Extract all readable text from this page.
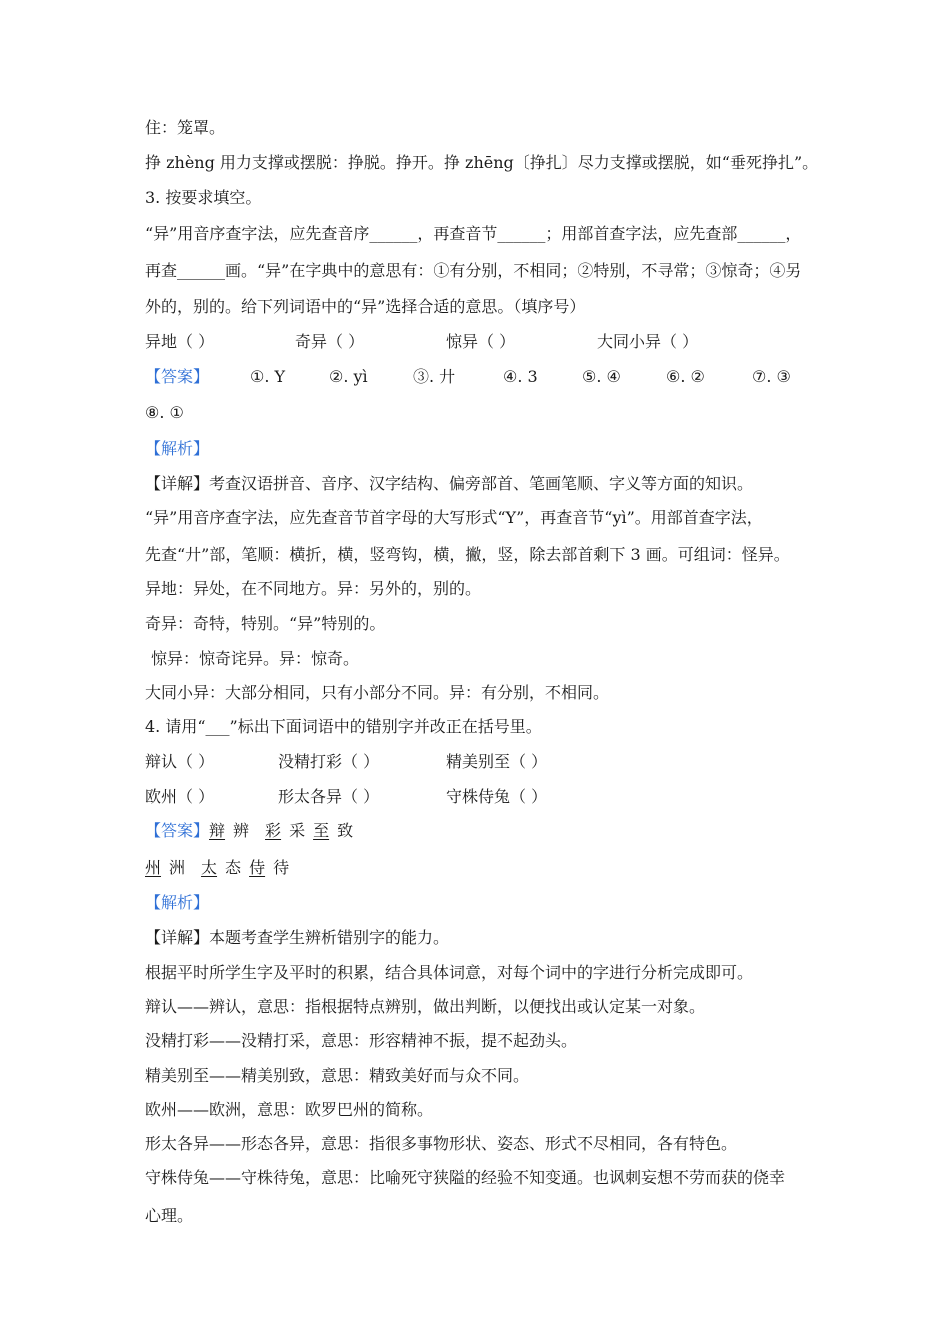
住：笼罩。
挣 zhèng 用力支撑或摆脱：挣脱。挣开。挣 zhēng〔挣扎〕尽力支撑或摆脱，如“垂死挣扎”。
3. 按要求填空。
“异”用音序查字法，应先查音序______，再查音节______；用部首查字法，应先查部______，
再查______画。“异”在字典中的意思有：①有分别，不相同；②特别，不寻常；③惊奇；④另
外的，别的。给下列词语中的“异”选择合适的意思。（填序号）
异地（ ）	奇异（ ）	惊异（ ）	大同小异（ ）
【答案】	①. Y	②. yì	③. 廾	④. 3	⑤. ④	⑥. ②	⑦. ③
⑧. ①
【解析】
【详解】考查汉语拼音、音序、汉字结构、偏旁部首、笔画笔顺、字义等方面的知识。
“异”用音序查字法，应先查音节首字母的大写形式“Y”，再查音节“yì”。用部首查字法，
先查“廾”部，笔顺：横折，横，竖弯钩，横，撇，竖，除去部首剩下 3 画。可组词：怪异。
异地：异处，在不同地方。异：另外的，别的。
奇异：奇特，特别。“异”特别的。
惊异：惊奇诧异。异：惊奇。
大同小异：大部分相同，只有小部分不同。异：有分别，不相同。
4. 请用“___”标出下面词语中的错别字并改正在括号里。
辩认（ ）	没精打彩（ ）	精美别至（ ）
欧州（ ）	形太各异（ ）	守株侍兔（ ）
【答案】辩 辨 彩 采 至 致
州 洲 太 态 侍 待
【解析】
【详解】本题考查学生辨析错别字的能力。
根据平时所学生字及平时的积累，结合具体词意，对每个词中的字进行分析完成即可。
辩认——辨认，意思：指根据特点辨别，做出判断，以便找出或认定某一对象。
没精打彩——没精打采，意思：形容精神不振，提不起劲头。
精美别至——精美别致，意思：精致美好而与众不同。
欧州——欧洲，意思：欧罗巴州的简称。
形太各异——形态各异，意思：指很多事物形状、姿态、形式不尽相同，各有特色。
守株侍兔——守株待兔，意思：比喻死守狭隘的经验不知变通。也讽刺妄想不劳而获的侥幸
心理。
